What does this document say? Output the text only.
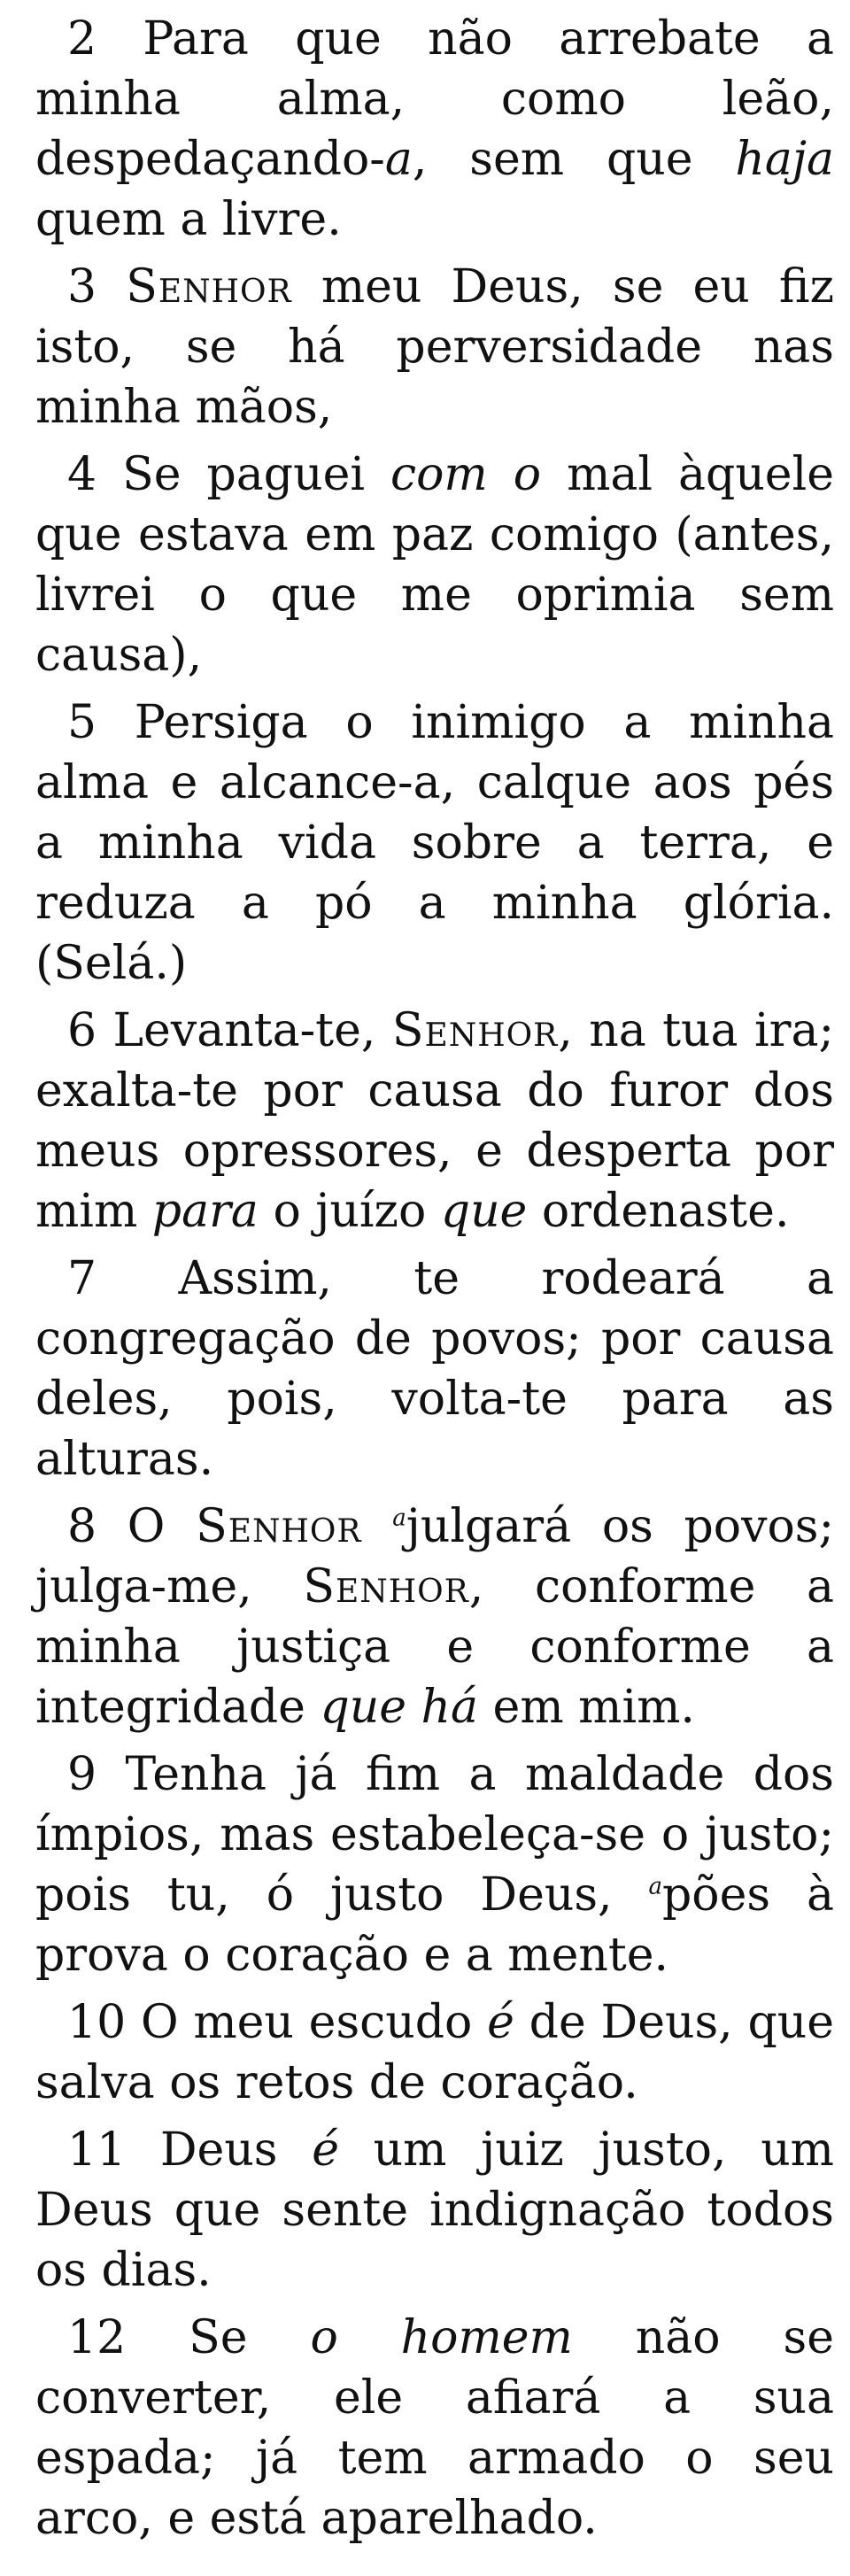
2 Para que não arrebate a minha alma, como leão, despedaçando-a, sem que haja quem a livre.

3 Senhor meu Deus, se eu fiz isto, se há perversidade nas minha mãos,

4 Se paguei com o mal àquele que estava em paz comigo (antes, livrei o que me oprimia sem causa),

5 Persiga o inimigo a minha alma e alcance-a, calque aos pés a minha vida sobre a terra, e reduza a pó a minha glória. (Selá.)

6 Levanta-te, Senhor, na tua ira; exalta-te por causa do furor dos meus opressores, e desperta por mim para o juízo que ordenaste.

7 Assim, te rodeará a congregação de povos; por causa deles, pois, volta-te para as alturas.

8 O Senhor $^a$julgará os povos; julga-me, Senhor, conforme a minha justiça e conforme a integridade que há em mim.

9 Tenha já fim a maldade dos ímpios, mas estabeleça-se o justo; pois tu, ó justo Deus, $^a$pões à prova o coração e a mente.

10 O meu escudo é de Deus, que salva os retos de coração.

11 Deus é um juiz justo, um Deus que sente indignação todos os dias.

12 Se o homem não se converter, ele afiará a sua espada; já tem armado o seu arco, e está aparelhado.
